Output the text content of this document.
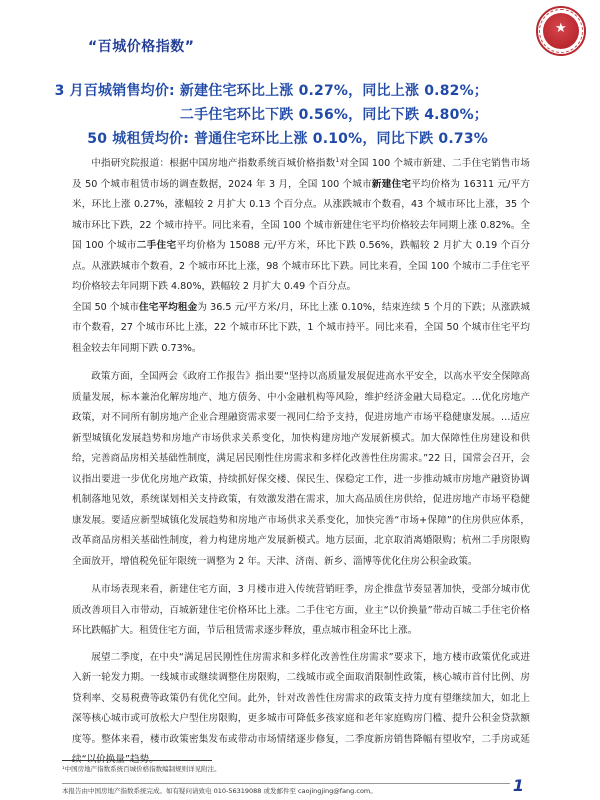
★
“百城价格指数”
3 月百城销售均价: 新建住宅环比上涨 0.27%，同比上涨 0.82%；
二手住宅环比下跌 0.56%，同比下跌 4.80%；
50 城租赁均价: 普通住宅环比上涨 0.10%，同比下跌 0.73%

中指研究院报道：根据中国房地产指数系统百城价格指数$^1$对全国 100 个城市新建、二手住宅销售市场及 50 个城市租赁市场的调查数据，2024 年 3 月，全国 100 个城市新建住宅平均价格为 16311 元/平方米，环比上涨 0.27%，涨幅较 2 月扩大 0.13 个百分点。从涨跌城市个数看，43 个城市环比上涨，35 个城市环比下跌，22 个城市持平。同比来看，全国 100 个城市新建住宅平均价格较去年同期上涨 0.82%。全国 100 个城市二手住宅平均价格为 15088 元/平方米，环比下跌 0.56%，跌幅较 2 月扩大 0.19 个百分点。从涨跌城市个数看，2 个城市环比上涨，98 个城市环比下跌。同比来看，全国 100 个城市二手住宅平均价格较去年同期下跌 4.80%，跌幅较 2 月扩大 0.49 个百分点。

全国 50 个城市住宅平均租金为 36.5 元/平方米/月，环比上涨 0.10%，结束连续 5 个月的下跌；从涨跌城市个数看，27 个城市环比上涨，22 个城市环比下跌，1 个城市持平。同比来看，全国 50 个城市住宅平均租金较去年同期下跌 0.73%。

政策方面，全国两会《政府工作报告》指出要“坚持以高质量发展促进高水平安全，以高水平安全保障高质量发展，标本兼治化解房地产、地方债务、中小金融机构等风险，维护经济金融大局稳定。…优化房地产政策，对不同所有制房地产企业合理融资需求要一视同仁给予支持，促进房地产市场平稳健康发展。…适应新型城镇化发展趋势和房地产市场供求关系变化，加快构建房地产发展新模式。加大保障性住房建设和供给，完善商品房相关基础性制度，满足居民刚性住房需求和多样化改善性住房需求。”22 日，国常会召开，会议指出要进一步优化房地产政策，持续抓好保交楼、保民生、保稳定工作，进一步推动城市房地产融资协调机制落地见效，系统谋划相关支持政策，有效激发潜在需求，加大高品质住房供给，促进房地产市场平稳健康发展。要适应新型城镇化发展趋势和房地产市场供求关系变化，加快完善“市场+保障”的住房供应体系，改革商品房相关基础性制度，着力构建房地产发展新模式。地方层面，北京取消离婚限购；杭州二手房限购全面放开，增值税免征年限统一调整为 2 年。天津、济南、新乡、淄博等优化住房公积金政策。

从市场表现来看，新建住宅方面，3 月楼市进入传统营销旺季，房企推盘节奏显著加快，受部分城市优质改善项目入市带动，百城新建住宅价格环比上涨。二手住宅方面，业主“以价换量”带动百城二手住宅价格环比跌幅扩大。租赁住宅方面，节后租赁需求逐步释放，重点城市租金环比上涨。

展望二季度，在中央“满足居民刚性住房需求和多样化改善性住房需求”要求下，地方楼市政策优化或进入新一轮发力期。一线城市或继续调整住房限购，二线城市或全面取消限制性政策，核心城市首付比例、房贷利率、交易税费等政策仍有优化空间。此外，针对改善性住房需求的政策支持力度有望继续加大，如北上深等核心城市或可放松大户型住房限购，更多城市可降低多孩家庭和老年家庭购房门槛、提升公积金贷款额度等。整体来看，楼市政策密集发布或带动市场情绪逐步修复，二季度新房销售降幅有望收窄，二手房或延

¹中国房地产指数系统百城价格指数编制规则详见附注。
本报告由中国房地产指数系统完成。如有疑问请致电 010-56319088 或发邮件至 caojingjing@fang.com。	1
